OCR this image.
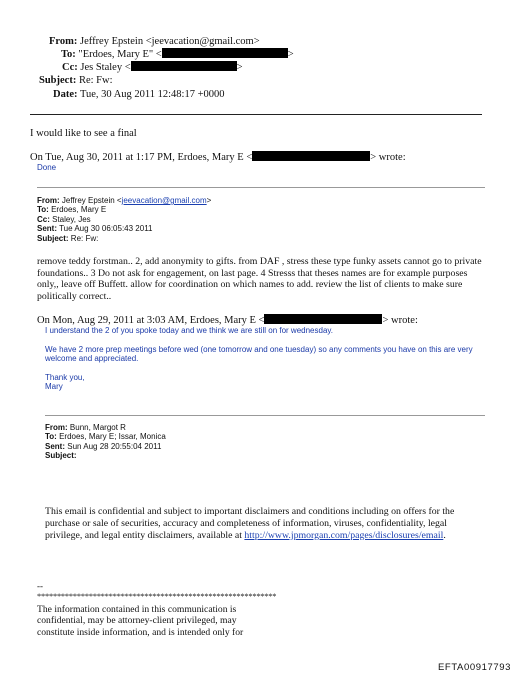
From: Jeffrey Epstein <jeevacation@gmail.com>
To: "Erdoes, Mary E" <	>
Cc: Jes Staley <	>
Subject: Re: Fw:
Date: Tue, 30 Aug 2011 12:48:17 +0000
I would like to see a final
On Tue, Aug 30, 2011 at 1:17 PM, Erdoes, Mary E <	> wrote:
Done
From: Jeffrey Epstein <jeevacation@gmail.com>
To: Erdoes, Mary E
Cc: Staley, Jes
Sent: Tue Aug 30 06:05:43 2011
Subject: Re: Fw:
remove teddy forstman.. 2, add anonymity to gifts. from DAF , stress these type funky assets cannot go to private foundations.. 3 Do not ask for engagement, on last page. 4 Stresss that theses names are for example purposes only,, leave off Buffett. allow for coordination on which names to add. review the list of clients to make sure politically correct..
On Mon, Aug 29, 2011 at 3:03 AM, Erdoes, Mary E <	> wrote:
I understand the 2 of you spoke today and we think we are still on for wednesday.
We have 2 more prep meetings before wed (one tomorrow and one tuesday) so any comments you have on this are very welcome and appreciated.
Thank you,
Mary
From: Bunn, Margot R
To: Erdoes, Mary E; Issar, Monica
Sent: Sun Aug 28 20:55:04 2011
Subject:
This email is confidential and subject to important disclaimers and conditions including on offers for the purchase or sale of securities, accuracy and completeness of information, viruses, confidentiality, legal privilege, and legal entity disclaimers, available at http://www.jpmorgan.com/pages/disclosures/email.
--
************************************************************
The information contained in this communication is confidential, may be attorney-client privileged, may constitute inside information, and is intended only for
EFTA00917793
